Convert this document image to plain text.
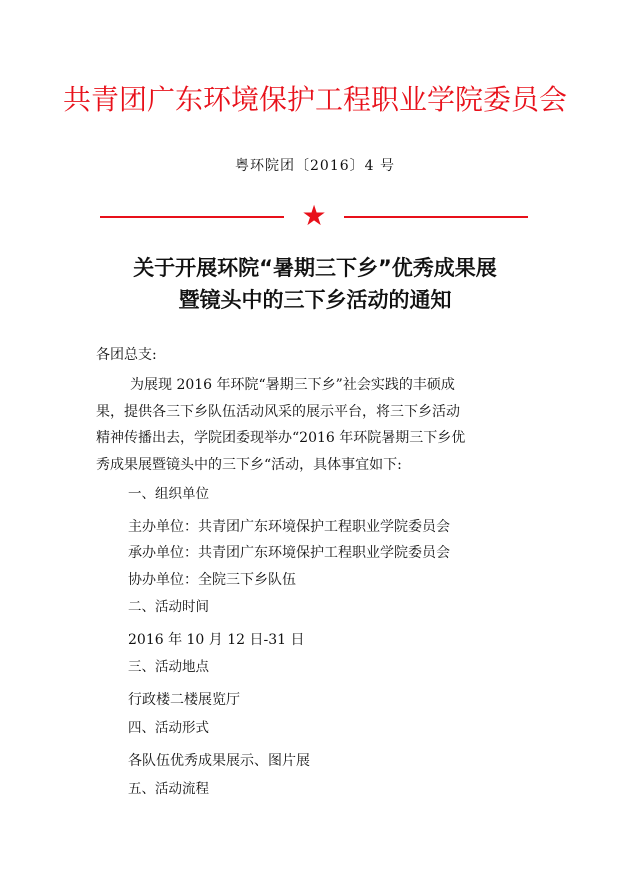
共青团广东环境保护工程职业学院委员会
粤环院团〔2016〕4 号
★
关于开展环院“暑期三下乡”优秀成果展
暨镜头中的三下乡活动的通知
各团总支:
为展现 2016 年环院“暑期三下乡”社会实践的丰硕成
果，提供各三下乡队伍活动风采的展示平台，将三下乡活动
精神传播出去，学院团委现举办“2016 年环院暑期三下乡优
秀成果展暨镜头中的三下乡“活动，具体事宜如下:
一、组织单位
主办单位：共青团广东环境保护工程职业学院委员会
承办单位：共青团广东环境保护工程职业学院委员会
协办单位：全院三下乡队伍
二、活动时间
2016 年 10 月 12 日-31 日
三、活动地点
行政楼二楼展览厅
四、活动形式
各队伍优秀成果展示、图片展
五、活动流程
